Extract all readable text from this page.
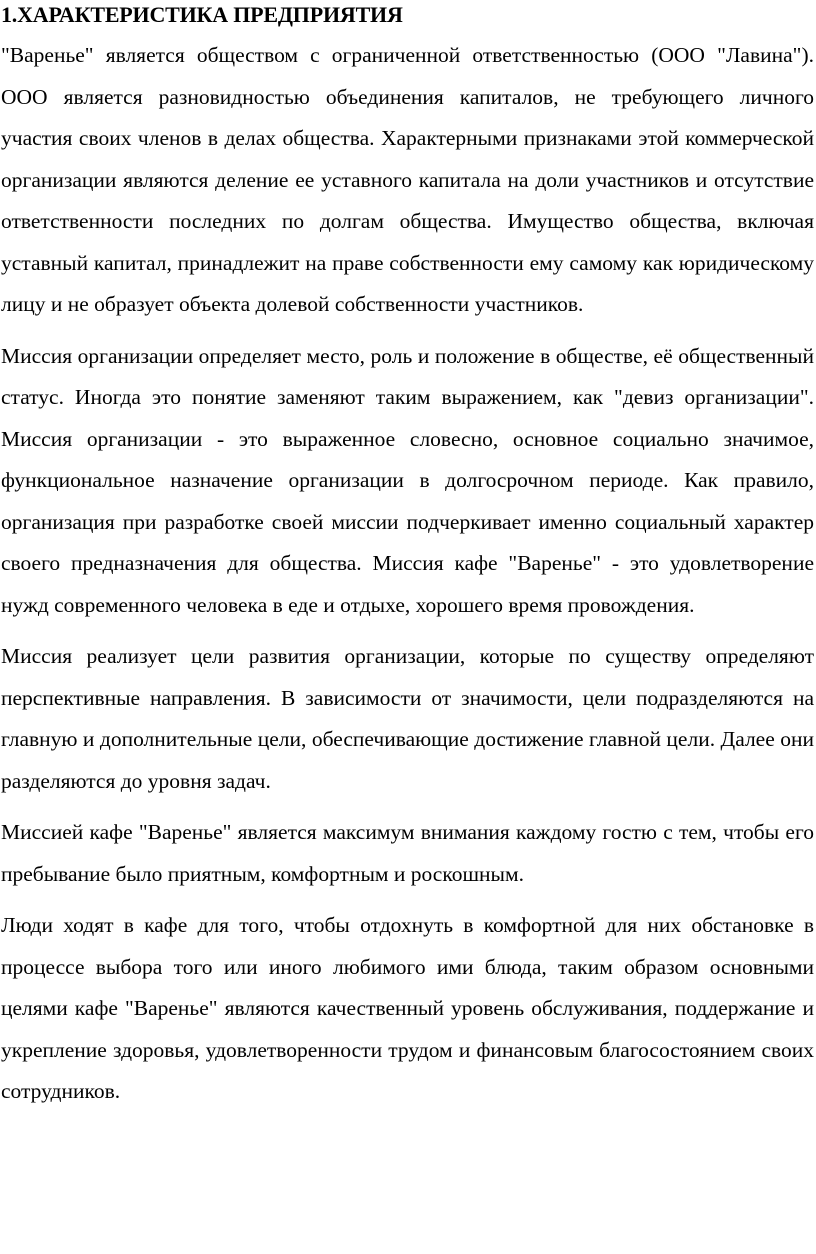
1.ХАРАКТЕРИСТИКА ПРЕДПРИЯТИЯ

"Варенье" является обществом с ограниченной ответственностью (ООО "Лавина"). ООО является разновидностью объединения капиталов, не требующего личного участия своих членов в делах общества. Характерными признаками этой коммерческой организации являются деление ее уставного капитала на доли участников и отсутствие ответственности последних по долгам общества. Имущество общества, включая уставный капитал, принадлежит на праве собственности ему самому как юридическому лицу и не образует объекта долевой собственности участников.

Миссия организации определяет место, роль и положение в обществе, её общественный статус. Иногда это понятие заменяют таким выражением, как "девиз организации". Миссия организации - это выраженное словесно, основное социально значимое, функциональное назначение организации в долгосрочном периоде. Как правило, организация при разработке своей миссии подчеркивает именно социальный характер своего предназначения для общества. Миссия кафе "Варенье" - это удовлетворение нужд современного человека в еде и отдыхе, хорошего время провождения.

Миссия реализует цели развития организации, которые по существу определяют перспективные направления. В зависимости от значимости, цели подразделяются на главную и дополнительные цели, обеспечивающие достижение главной цели. Далее они разделяются до уровня задач.

Миссией кафе "Варенье" является максимум внимания каждому гостю с тем, чтобы его пребывание было приятным, комфортным и роскошным.

Люди ходят в кафе для того, чтобы отдохнуть в комфортной для них обстановке в процессе выбора того или иного любимого ими блюда, таким образом основными целями кафе "Варенье" являются качественный уровень обслуживания, поддержание и укрепление здоровья, удовлетворенности трудом и финансовым благосостоянием своих сотрудников.
